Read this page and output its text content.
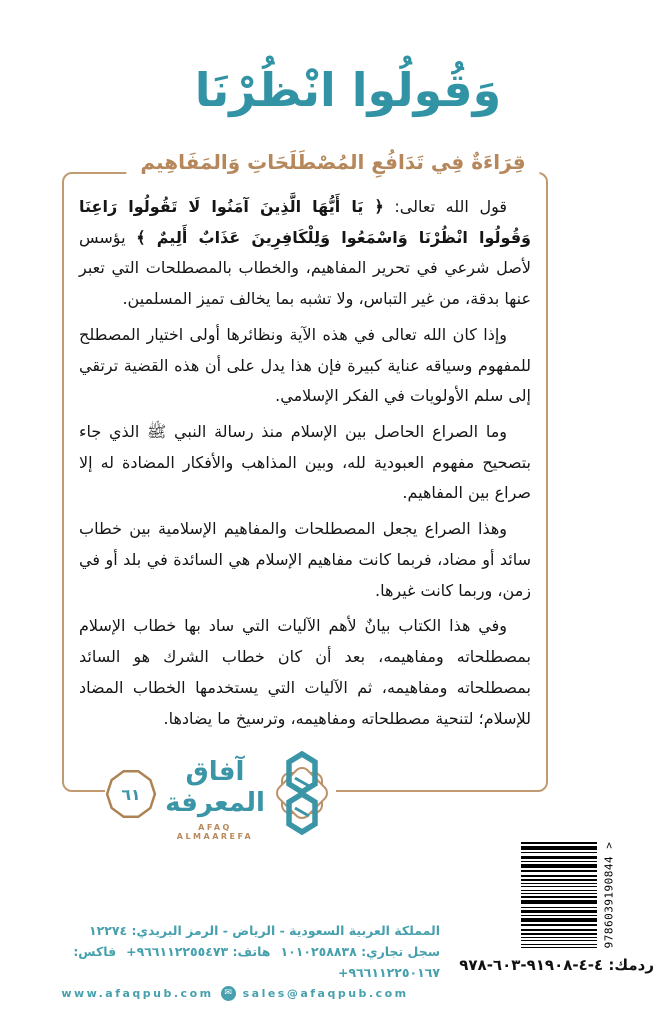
وَقُولُوا انْظُرْنَا
قِرَاءَةٌ فِي تَدَافُعِ المُصْطَلَحَاتِ وَالمَفَاهِيم

قول الله تعالى: ﴿ يَا أَيُّهَا الَّذِينَ آمَنُوا لَا تَقُولُوا رَاعِنَا وَقُولُوا انْظُرْنَا وَاسْمَعُوا وَلِلْكَافِرِينَ عَذَابٌ أَلِيمٌ ﴾ يؤسس لأصل شرعي في تحرير المفاهيم، والخطاب بالمصطلحات التي تعبر عنها بدقة، من غير التباس، ولا تشبه بما يخالف تميز المسلمين.

وإذا كان الله تعالى في هذه الآية ونظائرها أولى اختيار المصطلح للمفهوم وسياقه عناية كبيرة فإن هذا يدل على أن هذه القضية ترتقي إلى سلم الأولويات في الفكر الإسلامي.

وما الصراع الحاصل بين الإسلام منذ رسالة النبي ﷺ الذي جاء بتصحيح مفهوم العبودية لله، وبين المذاهب والأفكار المضادة له إلا صراع بين المفاهيم.

وهذا الصراع يجعل المصطلحات والمفاهيم الإسلامية بين خطاب سائد أو مضاد، فربما كانت مفاهيم الإسلام هي السائدة في بلد أو في زمن، وربما كانت غيرها.

وفي هذا الكتاب بيانٌ لأهم الآليات التي ساد بها خطاب الإسلام بمصطلحاته ومفاهيمه، بعد أن كان خطاب الشرك هو السائد بمصطلحاته ومفاهيمه، ثم الآليات التي يستخدمها الخطاب المضاد للإسلام؛ لتنحية مصطلحاته ومفاهيمه، وترسيخ ما يضادها.

٦١
آفاق المعرفة
AFAQ ALMAAREFA
9786039190844 >
ردمك: ٤-٤-٩١٩٠٨-٦٠٣-٩٧٨
المملكة العربية السعودية - الرياض - الرمز البريدي: ١٢٢٧٤
سجل تجاري: ١٠١٠٢٥٨٨٣٨هاتف: ٩٦٦١١٢٢٥٥٤٧٣+فاكس: ٩٦٦١١٢٢٥٠١٦٧+
www.afaqpub.com	✉ sales@afaqpub.com
